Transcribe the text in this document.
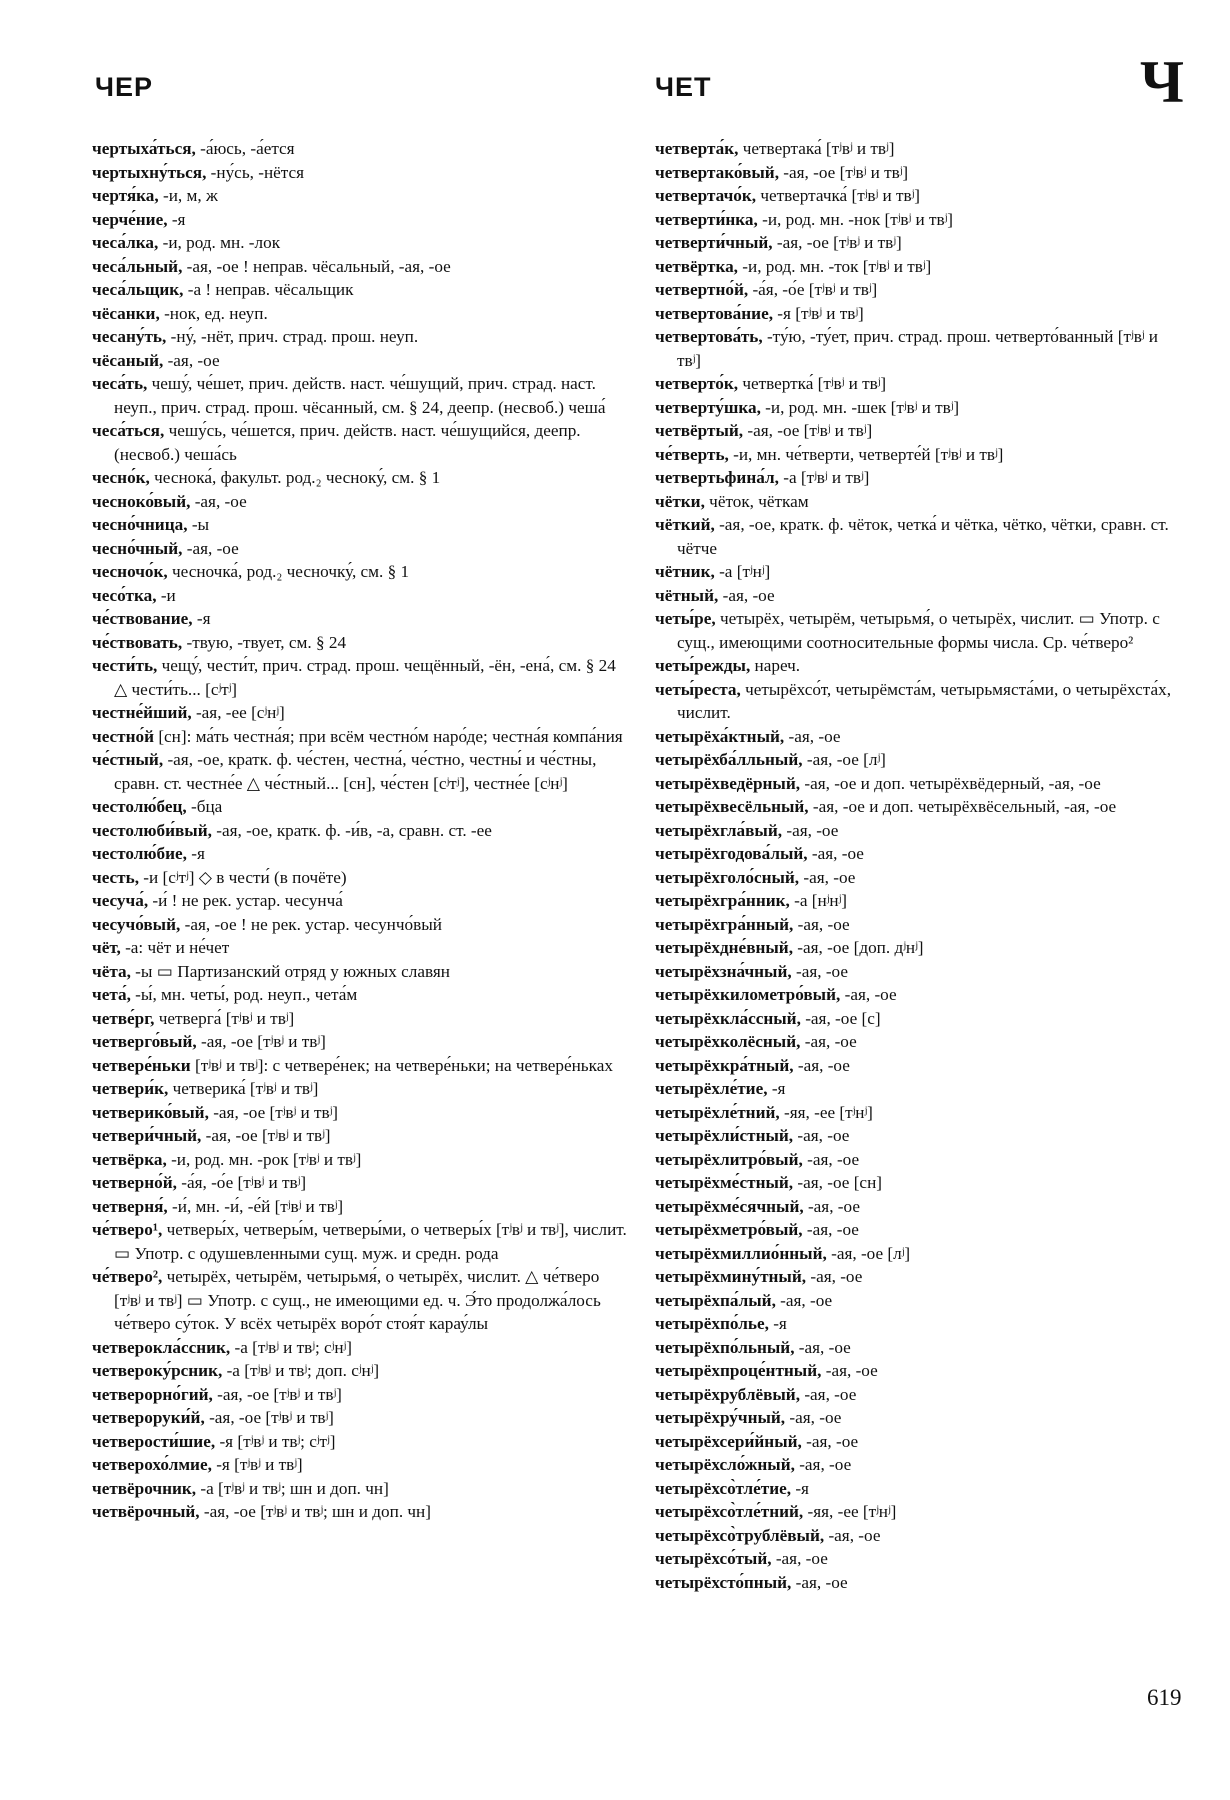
ЧЕР	ЧЕТ	Ч

чертыха́ться, -а́юсь, -а́ется

чертыхну́ться, -ну́сь, -нётся

чертя́ка, -и, м, ж

черче́ние, -я

чеса́лка, -и, род. мн. -лок

чеса́льный, -ая, -ое ! неправ. чёсальный, -ая, -ое

чеса́льщик, -а ! неправ. чёсальщик

чёсанки, -нок, ед. неуп.

чесану́ть, -ну́, -нёт, прич. страд. прош. неуп.

чёсаный, -ая, -ое

чеса́ть, чешу́, че́шет, прич. действ. наст. че́шущий, прич. страд. наст. неуп., прич. страд. прош. чёсанный, см. § 24, деепр. (несвоб.) чеша́

чеса́ться, чешу́сь, че́шется, прич. действ. наст. че́шущийся, деепр. (несвоб.) чеша́сь

чесно́к, чеснока́, факульт. род.₂ чесноку́, см. § 1

чесноко́вый, -ая, -ое

чесно́чница, -ы

чесно́чный, -ая, -ое

чесночо́к, чесночка́, род.₂ чесночку́, см. § 1

чесо́тка, -и

че́ствование, -я

че́ствовать, -твую, -твует, см. § 24

чести́ть, чещу́, чести́т, прич. страд. прош. чещённый, -ён, -ена́, см. § 24 △ чести́ть... [сʲтʲ]

честне́йший, -ая, -ее [сʲнʲ]

честно́й [сн]: ма́ть честна́я; при всём честно́м наро́де; честна́я компа́ния

че́стный, -ая, -ое, кратк. ф. че́стен, честна́, че́стно, честны́ и че́стны, сравн. ст. честне́е △ че́стный... [сн], че́стен [сʲтʲ], честне́е [сʲнʲ]

честолю́бец, -бца

честолюби́вый, -ая, -ое, кратк. ф. -и́в, -а, сравн. ст. -ее

честолю́бие, -я

честь, -и [сʲтʲ] ◇ в чести́ (в почёте)

чесуча́, -и́ ! не рек. устар. чесунча́

чесучо́вый, -ая, -ое ! не рек. устар. чесунчо́вый

чёт, -а: чёт и не́чет

чёта, -ы ▭ Партизанский отряд у южных славян

чета́, -ы́, мн. четы́, род. неуп., чета́м

четве́рг, четверга́ [тʲвʲ и твʲ]

четверго́вый, -ая, -ое [тʲвʲ и твʲ]

четвере́ньки [тʲвʲ и твʲ]: с четвере́нек; на четвере́ньки; на четвере́ньках

четвери́к, четверика́ [тʲвʲ и твʲ]

четверико́вый, -ая, -ое [тʲвʲ и твʲ]

четвери́чный, -ая, -ое [тʲвʲ и твʲ]

четвёрка, -и, род. мн. -рок [тʲвʲ и твʲ]

четверно́й, -а́я, -о́е [тʲвʲ и твʲ]

четверня́, -и́, мн. -и́, -е́й [тʲвʲ и твʲ]

че́тверо¹, четверы́х, четверы́м, четверы́ми, о четверы́х [тʲвʲ и твʲ], числит. ▭ Употр. с одушевленными сущ. муж. и средн. рода

че́тверо², четырёх, четырём, четырьмя́, о четырёх, числит. △ че́тверо [тʲвʲ и твʲ] ▭ Употр. с сущ., не имеющими ед. ч. Э́то продолжа́лось че́тверо су́ток. У всёх четырёх воро́т стоя́т карау́лы

четверокла́ссник, -а [тʲвʲ и твʲ; сʲнʲ]

четвероку́рсник, -а [тʲвʲ и твʲ; доп. сʲнʲ]

четверорно́гий, -ая, -ое [тʲвʲ и твʲ]

четвероруки́й, -ая, -ое [тʲвʲ и твʲ]

четверости́шие, -я [тʲвʲ и твʲ; сʲтʲ]

четверохо́лмие, -я [тʲвʲ и твʲ]

четвёрочник, -а [тʲвʲ и твʲ; шн и доп. чн]

четвёрочный, -ая, -ое [тʲвʲ и твʲ; шн и доп. чн]

четверта́к, четвертака́ [тʲвʲ и твʲ]

четвертако́вый, -ая, -ое [тʲвʲ и твʲ]

четвертачо́к, четвертачка́ [тʲвʲ и твʲ]

четверти́нка, -и, род. мн. -нок [тʲвʲ и твʲ]

четверти́чный, -ая, -ое [тʲвʲ и твʲ]

четвёртка, -и, род. мн. -ток [тʲвʲ и твʲ]

четвертно́й, -а́я, -о́е [тʲвʲ и твʲ]

четвертова́ние, -я [тʲвʲ и твʲ]

четвертова́ть, -ту́ю, -ту́ет, прич. страд. прош. четверто́ванный [тʲвʲ и твʲ]

четверто́к, четвертка́ [тʲвʲ и твʲ]

четверту́шка, -и, род. мн. -шек [тʲвʲ и твʲ]

четвёртый, -ая, -ое [тʲвʲ и твʲ]

че́тверть, -и, мн. че́тверти, четверте́й [тʲвʲ и твʲ]

четвертьфина́л, -а [тʲвʲ и твʲ]

чётки, чёток, чёткам

чёткий, -ая, -ое, кратк. ф. чёток, четка́ и чётка, чётко, чётки, сравн. ст. чётче

чётник, -а [тʲнʲ]

чётный, -ая, -ое

четы́ре, четырёх, четырём, четырьмя́, о четырёх, числит. ▭ Употр. с сущ., имеющими соотносительные формы числа. Ср. че́тверо²

четы́режды, нареч.

четы́реста, четырёхсо́т, четырёмста́м, четырьмяста́ми, о четырёхста́х, числит.

четырёха́ктный, -ая, -ое

четырёхба́лльный, -ая, -ое [лʲ]

четырёхведёрный, -ая, -ое и доп. четырёхвёдерный, -ая, -ое

четырёхвесёльный, -ая, -ое и доп. четырёхвёсельный, -ая, -ое

четырёхгла́вый, -ая, -ое

четырёхгодова́лый, -ая, -ое

четырёхголо́сный, -ая, -ое

четырёхгра́нник, -а [нʲнʲ]

четырёхгра́нный, -ая, -ое

четырёхдне́вный, -ая, -ое [доп. дʲнʲ]

четырёхзна́чный, -ая, -ое

четырёхкилометро́вый, -ая, -ое

четырёхкла́ссный, -ая, -ое [с]

четырёхколёсный, -ая, -ое

четырёхкра́тный, -ая, -ое

четырёхле́тие, -я

четырёхле́тний, -яя, -ее [тʲнʲ]

четырёхли́стный, -ая, -ое

четырёхлитро́вый, -ая, -ое

четырёхме́стный, -ая, -ое [сн]

четырёхме́сячный, -ая, -ое

четырёхметро́вый, -ая, -ое

четырёхмиллио́нный, -ая, -ое [лʲ]

четырёхмину́тный, -ая, -ое

четырёхпа́лый, -ая, -ое

четырёхпо́лье, -я

четырёхпо́льный, -ая, -ое

четырёхпроце́нтный, -ая, -ое

четырёхрублёвый, -ая, -ое

четырёхру́чный, -ая, -ое

четырёхсери́йный, -ая, -ое

четырёхсло́жный, -ая, -ое

четырёхсо̀тле́тие, -я

четырёхсо̀тле́тний, -яя, -ее [тʲнʲ]

четырёхсо̀трублёвый, -ая, -ое

четырёхсо́тый, -ая, -ое

четырёхсто́пный, -ая, -ое

619
